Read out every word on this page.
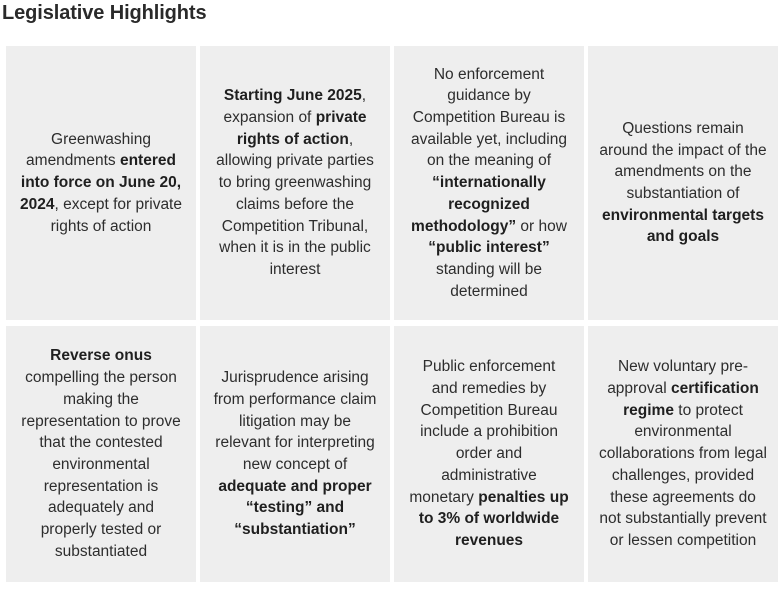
Legislative Highlights

Greenwashing amendments entered into force on June 20, 2024, except for private rights of action

Starting June 2025, expansion of private rights of action, allowing private parties to bring greenwashing claims before the Competition Tribunal, when it is in the public interest

No enforcement guidance by Competition Bureau is available yet, including on the meaning of “internationally recognized methodology” or how “public interest” standing will be determined

Questions remain around the impact of the amendments on the substantiation of environmental targets and goals

Reverse onus compelling the person making the representation to prove that the contested environmental representation is adequately and properly tested or substantiated

Jurisprudence arising from performance claim litigation may be relevant for interpreting new concept of adequate and proper “testing” and “substantiation”

Public enforcement and remedies by Competition Bureau include a prohibition order and administrative monetary penalties up to 3% of worldwide revenues

New voluntary pre-approval certification regime to protect environmental collaborations from legal challenges, provided these agreements do not substantially prevent or lessen competition
